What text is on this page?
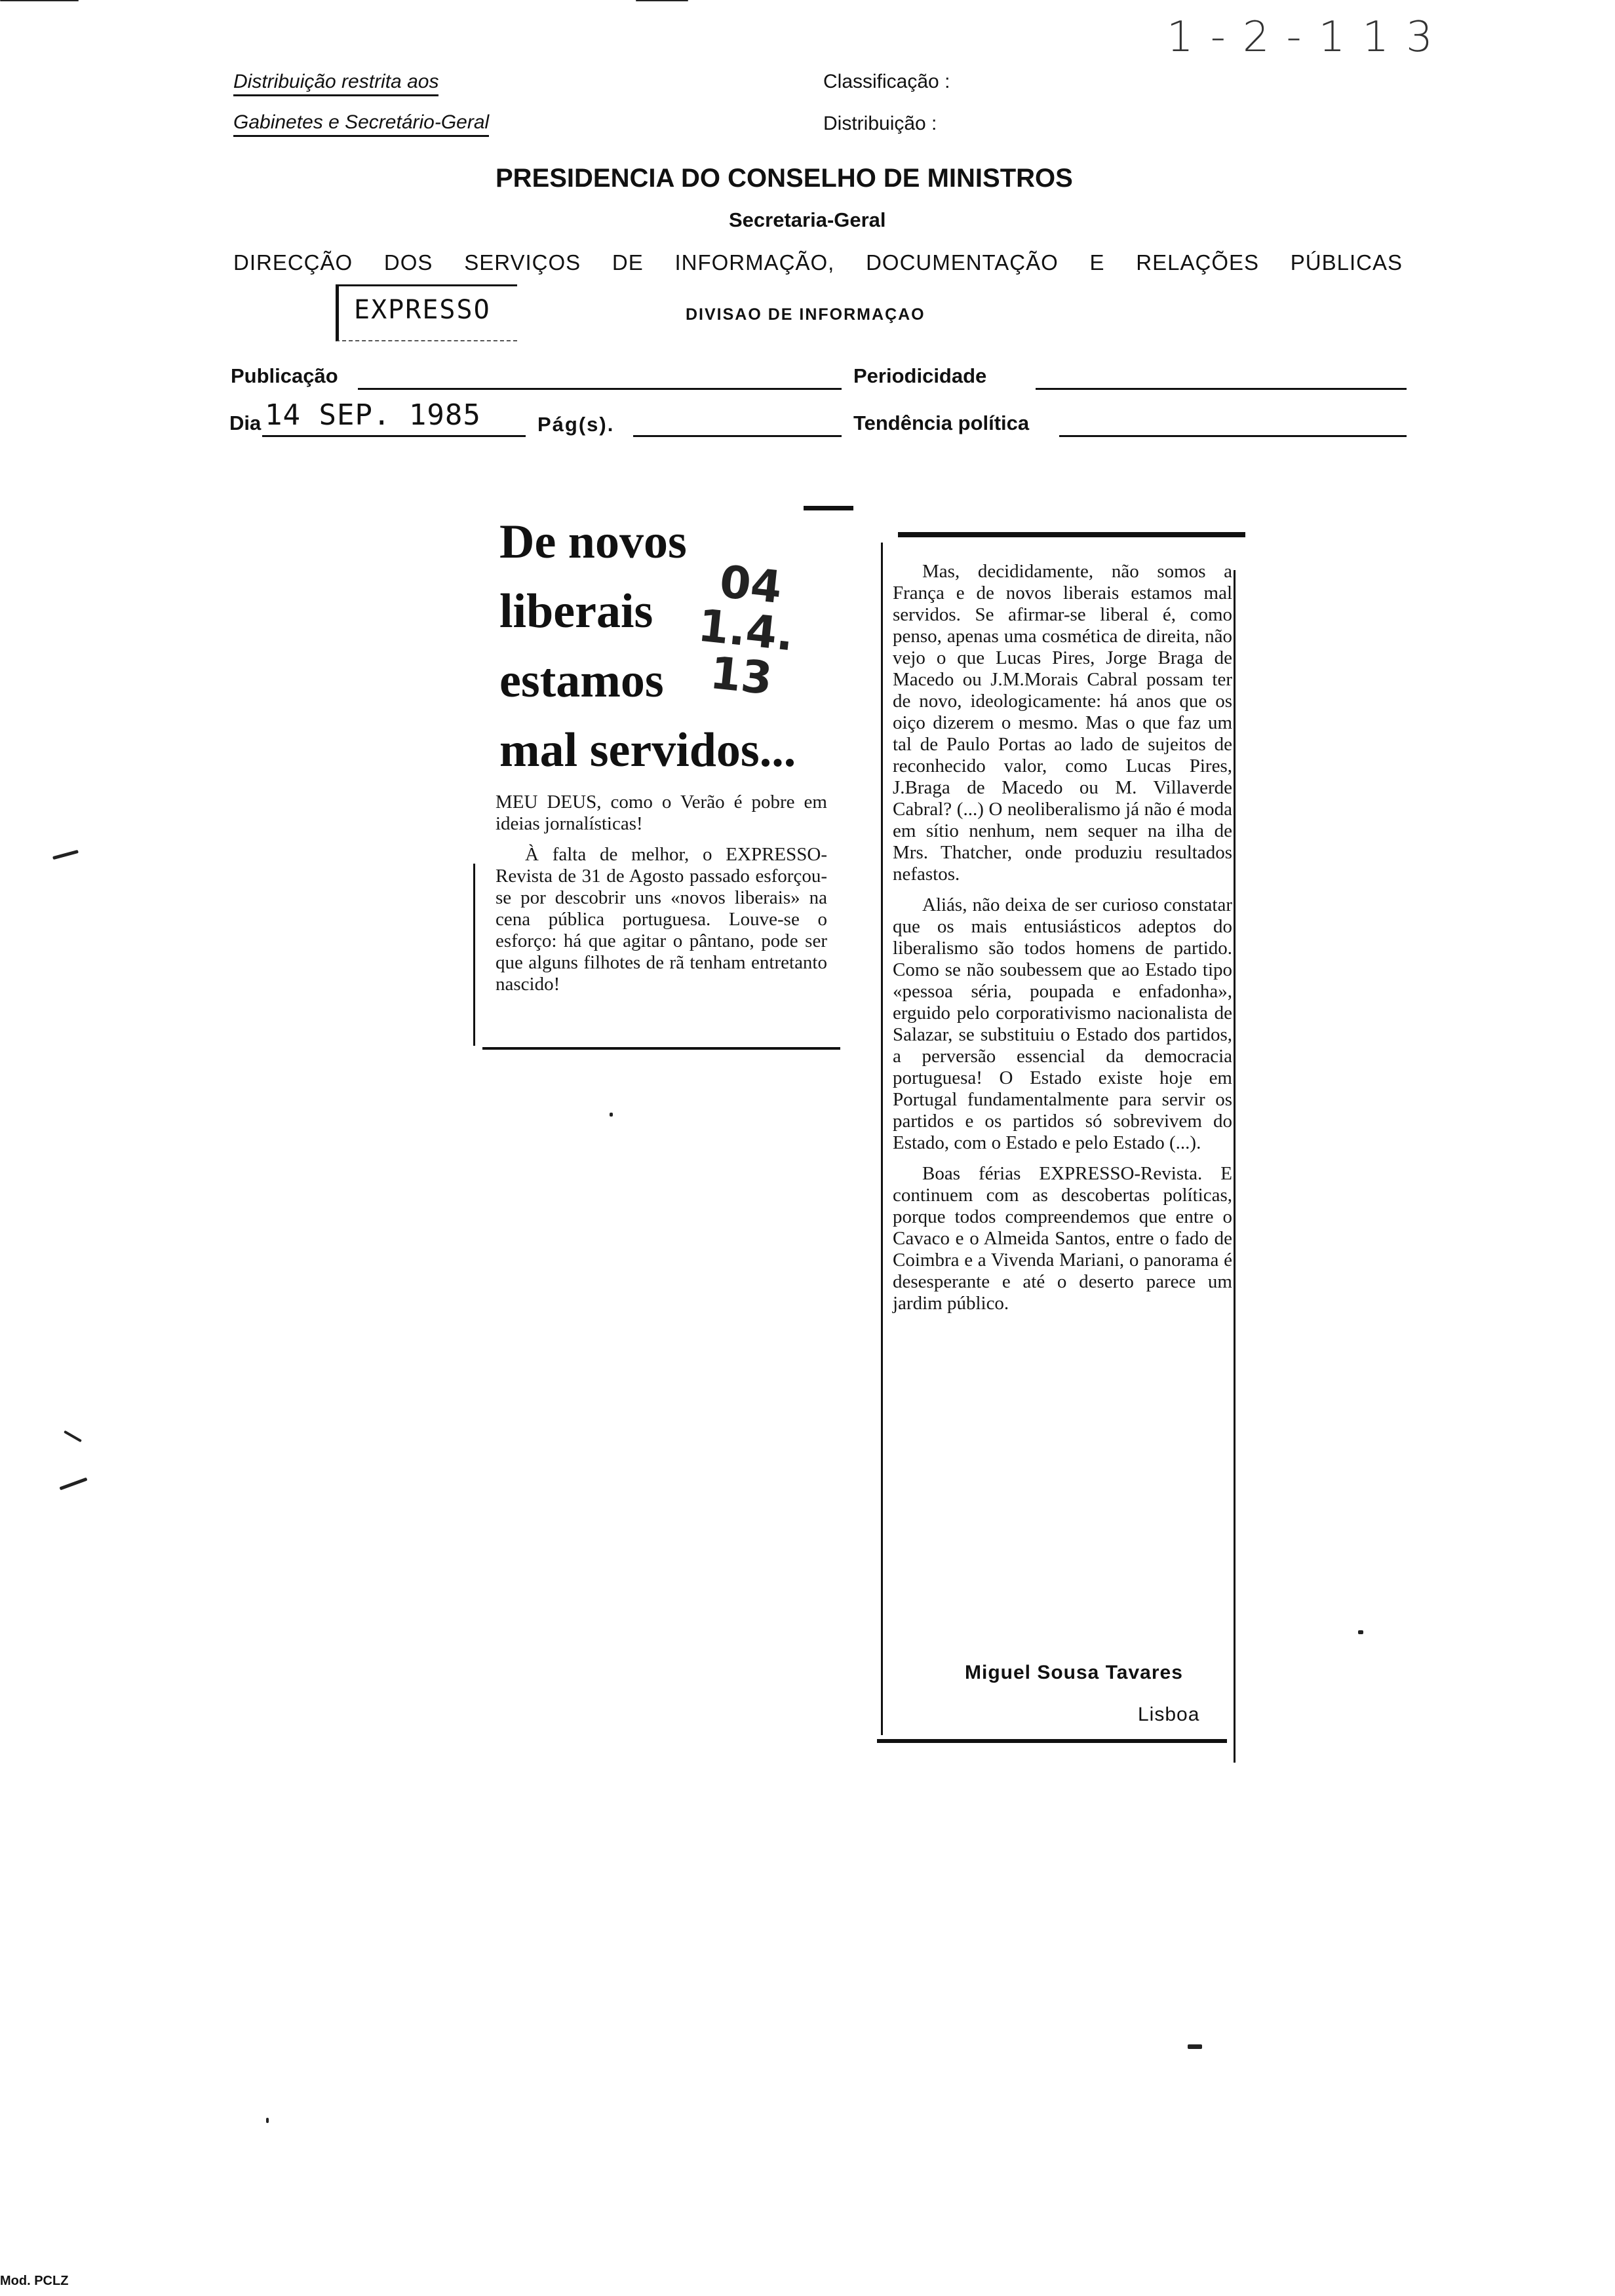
Distribuição restrita aos
Gabinetes e Secretário-Geral
Classificação :
Distribuição :
1-2-113
PRESIDENCIA DO CONSELHO DE MINISTROS
Secretaria-Geral
DIRECÇÃO DOS SERVIÇOS DE INFORMAÇÃO, DOCUMENTAÇÃO E RELAÇÕES PÚBLICAS
EXPRESSO	DIVISAO DE INFORMAÇAO
Publicação	Periodicidade
Dia 14 SEP. 1985	Pág(s).	Tendência política
De novos
liberais
estamos
mal servidos...
04 1.4. 13

MEU DEUS, como o Verão é pobre em ideias jornalísticas!

À falta de melhor, o EXPRESSO-Revista de 31 de Agosto passado esforçou-se por descobrir uns «novos liberais» na cena pública portuguesa. Louve-se o esforço: há que agitar o pântano, pode ser que alguns filhotes de rã tenham entretanto nascido!

Mas, decididamente, não somos a França e de novos liberais estamos mal servidos. Se afirmar-se liberal é, como penso, apenas uma cosmética de direita, não vejo o que Lucas Pires, Jorge Braga de Macedo ou J.M.Morais Cabral possam ter de novo, ideologicamente: há anos que os oiço dizerem o mesmo. Mas o que faz um tal de Paulo Portas ao lado de sujeitos de reconhecido valor, como Lucas Pires, J.Braga de Macedo ou M. Villaverde Cabral? (...) O neoliberalismo já não é moda em sítio nenhum, nem sequer na ilha de Mrs. Thatcher, onde produziu resultados nefastos.

Aliás, não deixa de ser curioso constatar que os mais entusiásticos adeptos do liberalismo são todos homens de partido. Como se não soubessem que ao Estado tipo «pessoa séria, poupada e enfadonha», erguido pelo corporativismo nacionalista de Salazar, se substituiu o Estado dos partidos, a perversão essencial da democracia portuguesa! O Estado existe hoje em Portugal fundamentalmente para servir os partidos e os partidos só sobrevivem do Estado, com o Estado e pelo Estado (...).

Boas férias EXPRESSO-Revista. E continuem com as descobertas políticas, porque todos compreendemos que entre o Cavaco e o Almeida Santos, entre o fado de Coimbra e a Vivenda Mariani, o panorama é desesperante e até o deserto parece um jardim público.

Miguel Sousa Tavares
Lisboa
Mod. PCLZ
